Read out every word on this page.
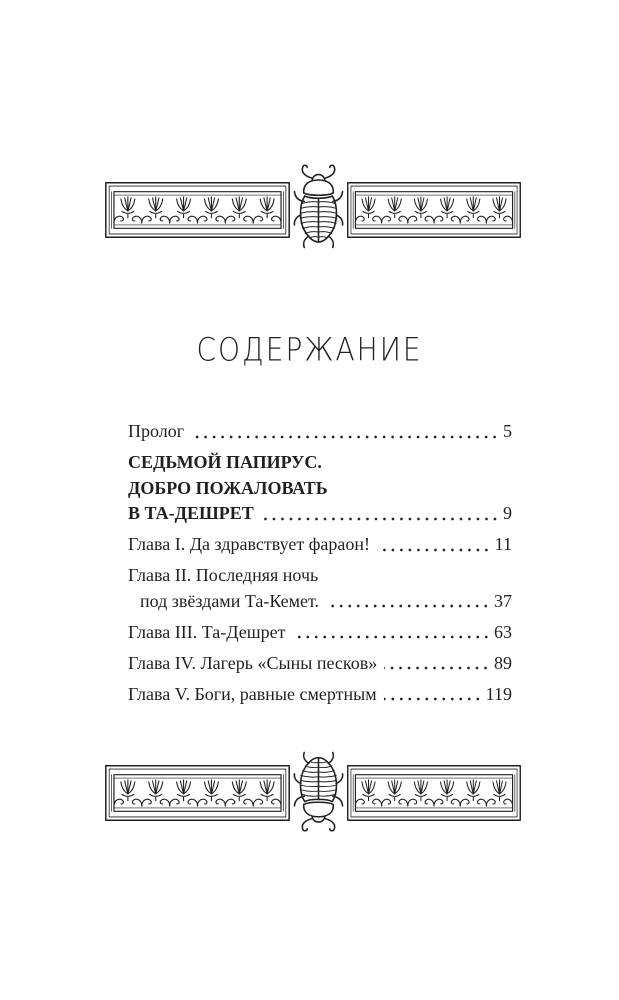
СОДЕРЖАНИЕ
Пролог	5
СЕДЬМОЙ ПАПИРУС.
ДОБРО ПОЖАЛОВАТЬ
В ТА-ДЕШРЕТ	9
Глава I. Да здравствует фараон!	11
Глава II. Последняя ночь
под звёздами Та-Кемет.	37
Глава III. Та-Дешрет	63
Глава IV. Лагерь «Сыны песков»	89
Глава V. Боги, равные смертным	119
